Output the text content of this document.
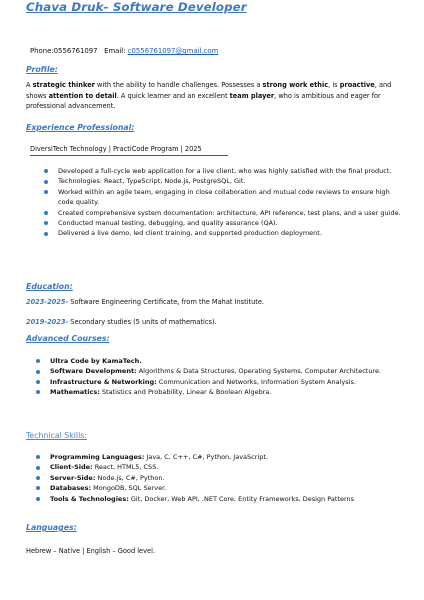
Chava Druk- Software Developer
Phone:0556761097 Email: c0556761097@gmail.com
Profile:
A strategic thinker with the ability to handle challenges. Possesses a strong work ethic, is proactive, and shows attention to detail. A quick learner and an excellent team player, who is ambitious and eager for professional advancement.
Experience Professional:
DiversiTech Technology | PractiCode Program | 2025
Developed a full-cycle web application for a live client, who was highly satisfied with the final product.
Technologies: React, TypeScript, Node.js, PostgreSQL, Git.
Worked within an agile team, engaging in close collaboration and mutual code reviews to ensure high code quality.
Created comprehensive system documentation: architecture, API reference, test plans, and a user guide.
Conducted manual testing, debugging, and quality assurance (QA).
Delivered a live demo, led client training, and supported production deployment.
Education:
2023-2025- Software Engineering Certificate, from the Mahat Institute.
2019-2023- Secondary studies (5 units of mathematics).
Advanced Courses:
Ultra Code by KamaTech.
Software Development: Algorithms & Data Structures, Operating Systems, Computer Architecture.
Infrastructure & Networking: Communication and Networks, Information System Analysis.
Mathematics: Statistics and Probability, Linear & Boolean Algebra.
Technical Skills:
Programming Languages: Java, C, C++, C#, Python, JavaScript.
Client-Side: React, HTML5, CSS.
Server-Side: Node.js, C#, Python.
Databases: MongoDB, SQL Server.
Tools & Technologies: Git, Docker, Web API, .NET Core, Entity Frameworks, Design Patterns
Languages:
Hebrew – Native | English – Good level.
